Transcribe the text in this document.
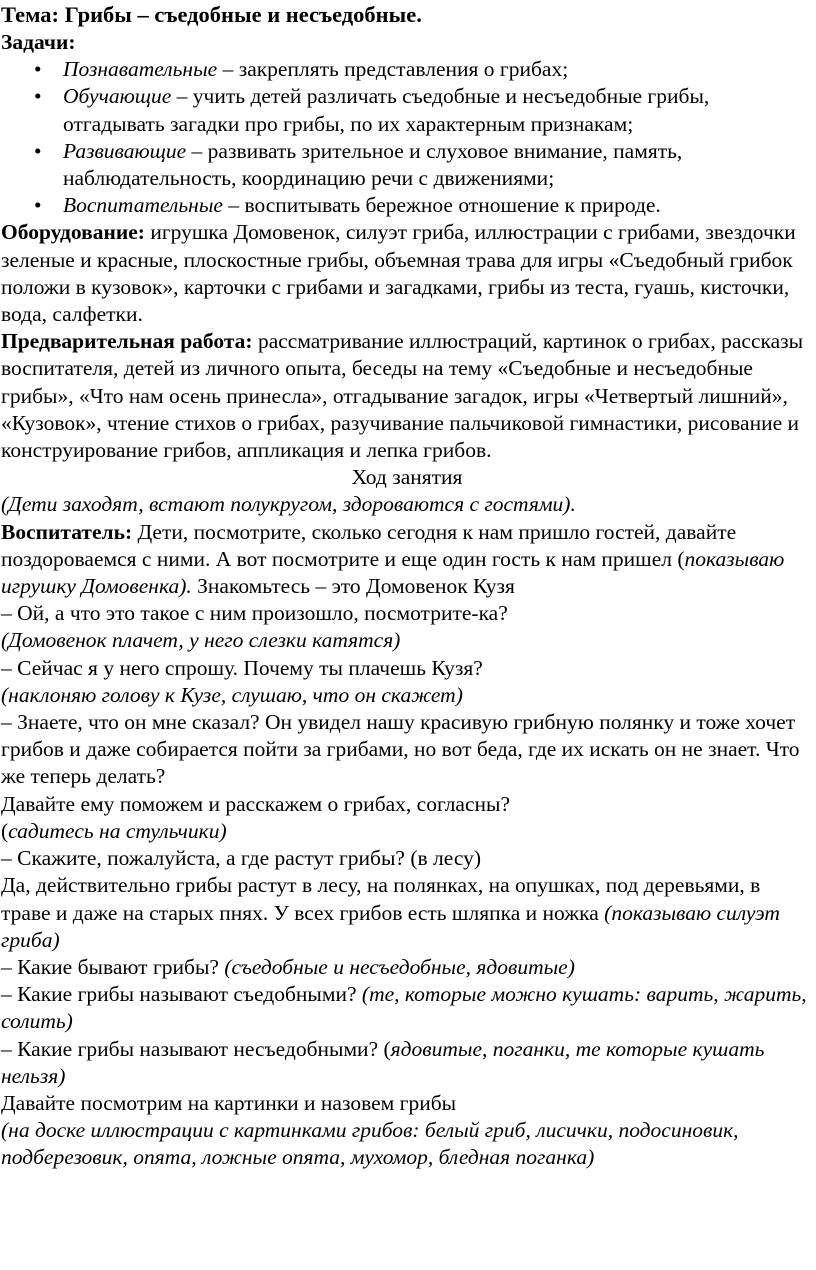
Тема: Грибы – съедобные и несъедобные.

Задачи:

• Познавательные – закреплять представления о грибах;
• Обучающие – учить детей различать съедобные и несъедобные грибы, отгадывать загадки про грибы, по их характерным признакам;
• Развивающие – развивать зрительное и слуховое внимание, память, наблюдательность, координацию речи с движениями;
• Воспитательные – воспитывать бережное отношение к природе.

Оборудование: игрушка Домовенок, силуэт гриба, иллюстрации с грибами, звездочки зеленые и красные, плоскостные грибы, объемная трава для игры «Съедобный грибок положи в кузовок», карточки с грибами и загадками, грибы из теста, гуашь, кисточки, вода, салфетки.

Предварительная работа: рассматривание иллюстраций, картинок о грибах, рассказы воспитателя, детей из личного опыта, беседы на тему «Съедобные и несъедобные грибы», «Что нам осень принесла», отгадывание загадок, игры «Четвертый лишний», «Кузовок», чтение стихов о грибах, разучивание пальчиковой гимнастики, рисование и конструирование грибов, аппликация и лепка грибов.

Ход занятия

(Дети заходят, встают полукругом, здороваются с гостями).

Воспитатель: Дети, посмотрите, сколько сегодня к нам пришло гостей, давайте поздороваемся с ними. А вот посмотрите и еще один гость к нам пришел (показываю игрушку Домовенка). Знакомьтесь – это Домовенок Кузя

– Ой, а что это такое с ним произошло, посмотрите-ка?

(Домовенок плачет, у него слезки катятся)

– Сейчас я у него спрошу. Почему ты плачешь Кузя?

(наклоняю голову к Кузе, слушаю, что он скажет)

– Знаете, что он мне сказал? Он увидел нашу красивую грибную полянку и тоже хочет грибов и даже собирается пойти за грибами, но вот беда, где их искать он не знает. Что же теперь делать?

Давайте ему поможем и расскажем о грибах, согласны?

(садитесь на стульчики)

– Скажите, пожалуйста, а где растут грибы? (в лесу)

Да, действительно грибы растут в лесу, на полянках, на опушках, под деревьями, в траве и даже на старых пнях. У всех грибов есть шляпка и ножка (показываю силуэт гриба)

– Какие бывают грибы? (съедобные и несъедобные, ядовитые)

– Какие грибы называют съедобными? (те, которые можно кушать: варить, жарить, солить)

– Какие грибы называют несъедобными? (ядовитые, поганки, те которые кушать нельзя)

Давайте посмотрим на картинки и назовем грибы

(на доске иллюстрации с картинками грибов: белый гриб, лисички, подосиновик, подберезовик, опята, ложные опята, мухомор, бледная поганка)
